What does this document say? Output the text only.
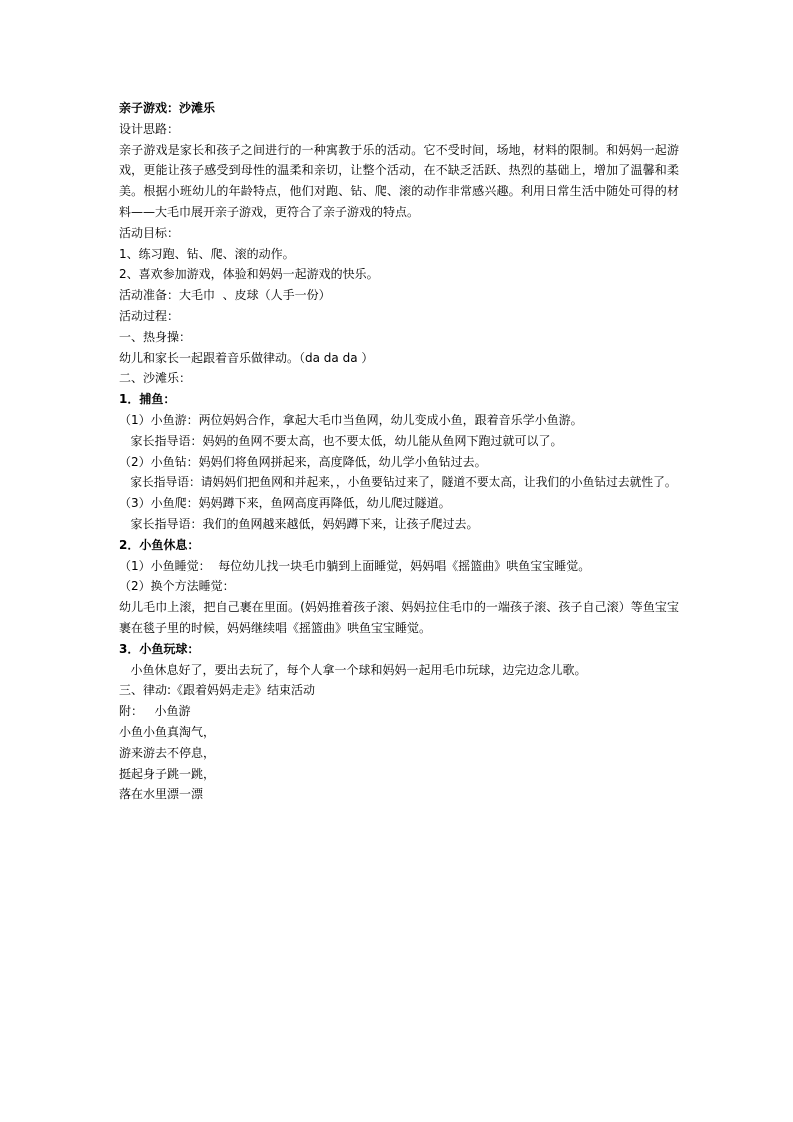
亲子游戏：沙滩乐
设计思路：
亲子游戏是家长和孩子之间进行的一种寓教于乐的活动。它不受时间，场地，材料的限制。和妈妈一起游戏，更能让孩子感受到母性的温柔和亲切，让整个活动，在不缺乏活跃、热烈的基础上，增加了温馨和柔美。根据小班幼儿的年龄特点，他们对跑、钻、爬、滚的动作非常感兴趣。利用日常生活中随处可得的材料——大毛巾展开亲子游戏，更符合了亲子游戏的特点。
活动目标：
1、练习跑、钻、爬、滚的动作。
2、喜欢参加游戏，体验和妈妈一起游戏的快乐。
活动准备：大毛巾  、皮球（人手一份）
活动过程：
一、热身操：
幼儿和家长一起跟着音乐做律动。（da da da ）
二、沙滩乐：
1．捕鱼：
（1）小鱼游：两位妈妈合作，拿起大毛巾当鱼网，幼儿变成小鱼，跟着音乐学小鱼游。
家长指导语：妈妈的鱼网不要太高，也不要太低，幼儿能从鱼网下跑过就可以了。
（2）小鱼钻：妈妈们将鱼网拼起来，高度降低，幼儿学小鱼钻过去。
家长指导语：请妈妈们把鱼网和并起来，，小鱼要钻过来了，隧道不要太高，让我们的小鱼钻过去就性了。
（3）小鱼爬：妈妈蹲下来，鱼网高度再降低，幼儿爬过隧道。
家长指导语：我们的鱼网越来越低，妈妈蹲下来，让孩子爬过去。
2．小鱼休息：
（1）小鱼睡觉：  每位幼儿找一块毛巾躺到上面睡觉，妈妈唱《摇篮曲》哄鱼宝宝睡觉。
（2）换个方法睡觉：
幼儿毛巾上滚，把自己裹在里面。(妈妈推着孩子滚、妈妈拉住毛巾的一端孩子滚、孩子自己滚）等鱼宝宝裹在毯子里的时候，妈妈继续唱《摇篮曲》哄鱼宝宝睡觉。
3．小鱼玩球：
小鱼休息好了，要出去玩了，每个人拿一个球和妈妈一起用毛巾玩球，边完边念儿歌。
三、律动:《跟着妈妈走走》结束活动
附：   小鱼游
小鱼小鱼真淘气，
游来游去不停息，
挺起身子跳一跳，
落在水里漂一漂
